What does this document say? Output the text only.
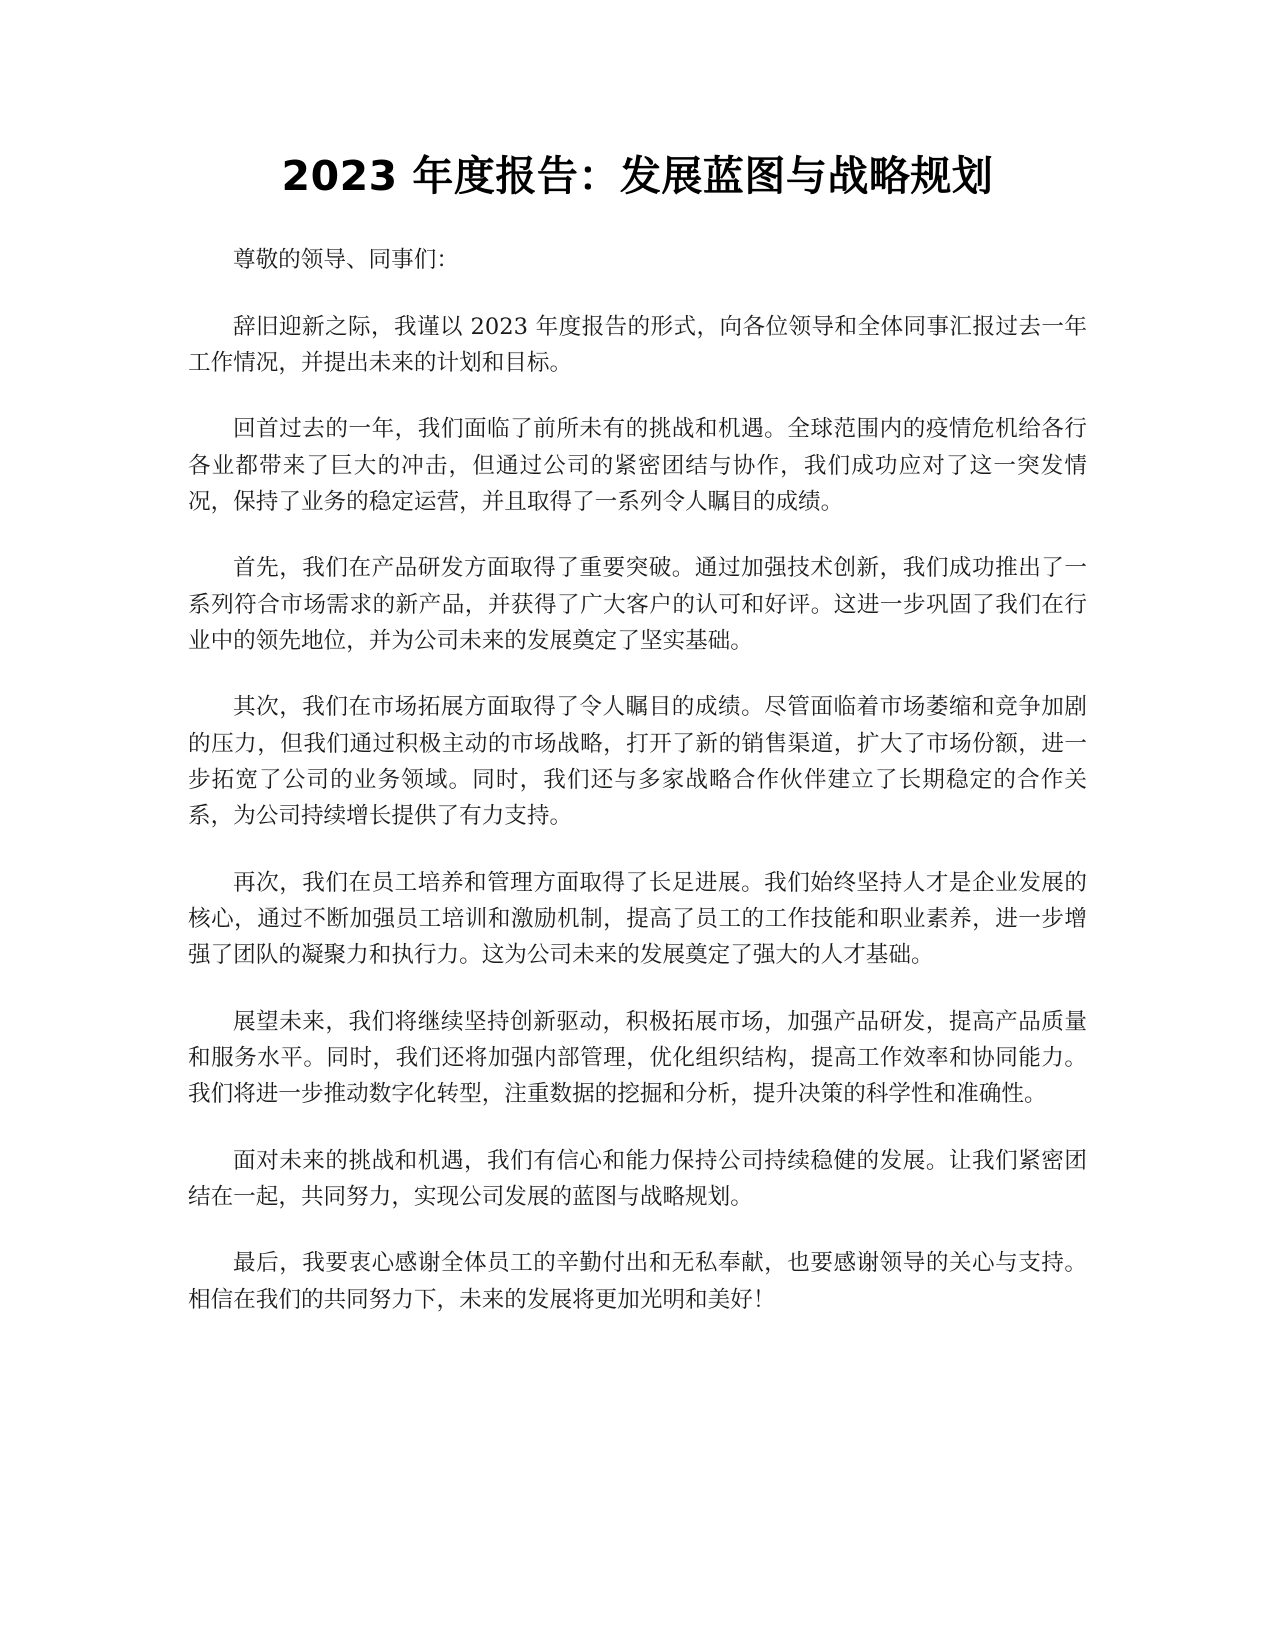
2023 年度报告：发展蓝图与战略规划

尊敬的领导、同事们：

辞旧迎新之际，我谨以 2023 年度报告的形式，向各位领导和全体同事汇报过去一年工作情况，并提出未来的计划和目标。

回首过去的一年，我们面临了前所未有的挑战和机遇。全球范围内的疫情危机给各行各业都带来了巨大的冲击，但通过公司的紧密团结与协作，我们成功应对了这一突发情况，保持了业务的稳定运营，并且取得了一系列令人瞩目的成绩。

首先，我们在产品研发方面取得了重要突破。通过加强技术创新，我们成功推出了一系列符合市场需求的新产品，并获得了广大客户的认可和好评。这进一步巩固了我们在行业中的领先地位，并为公司未来的发展奠定了坚实基础。

其次，我们在市场拓展方面取得了令人瞩目的成绩。尽管面临着市场萎缩和竞争加剧的压力，但我们通过积极主动的市场战略，打开了新的销售渠道，扩大了市场份额，进一步拓宽了公司的业务领域。同时，我们还与多家战略合作伙伴建立了长期稳定的合作关系，为公司持续增长提供了有力支持。

再次，我们在员工培养和管理方面取得了长足进展。我们始终坚持人才是企业发展的核心，通过不断加强员工培训和激励机制，提高了员工的工作技能和职业素养，进一步增强了团队的凝聚力和执行力。这为公司未来的发展奠定了强大的人才基础。

展望未来，我们将继续坚持创新驱动，积极拓展市场，加强产品研发，提高产品质量和服务水平。同时，我们还将加强内部管理，优化组织结构，提高工作效率和协同能力。我们将进一步推动数字化转型，注重数据的挖掘和分析，提升决策的科学性和准确性。

面对未来的挑战和机遇，我们有信心和能力保持公司持续稳健的发展。让我们紧密团结在一起，共同努力，实现公司发展的蓝图与战略规划。

最后，我要衷心感谢全体员工的辛勤付出和无私奉献，也要感谢领导的关心与支持。相信在我们的共同努力下，未来的发展将更加光明和美好！
